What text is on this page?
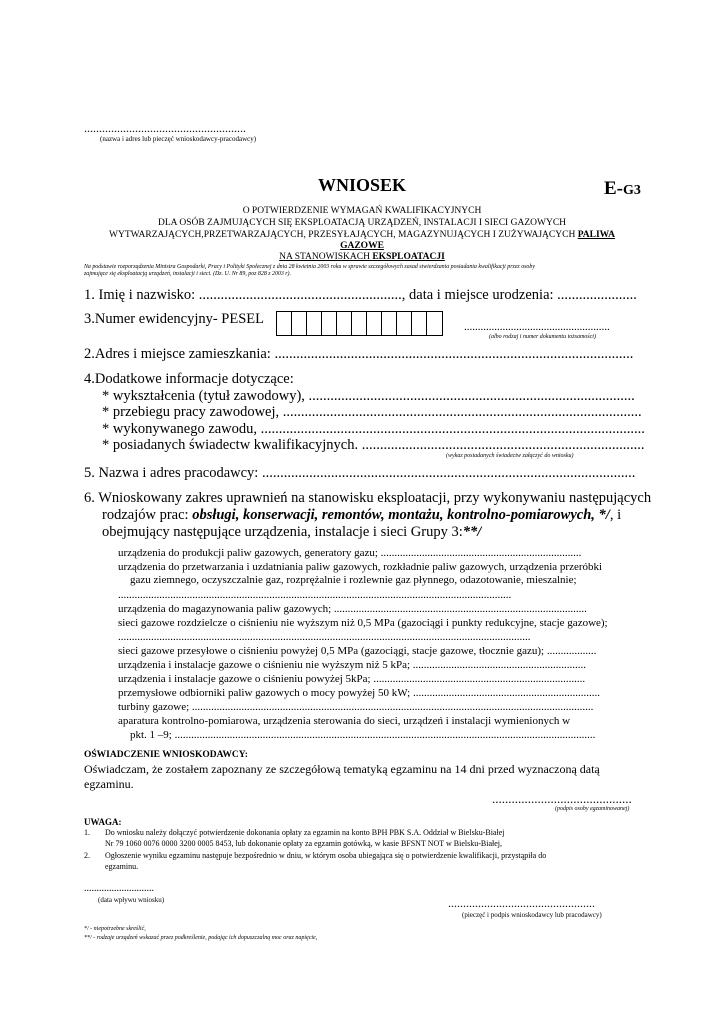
......................................................
(nazwa i adres lub pieczęć wnioskodawcy-pracodawcy)
E-G3
WNIOSEK
O POTWIERDZENIE WYMAGAŃ KWALIFIKACYJNYCH
DLA OSÓB ZAJMUJĄCYCH SIĘ EKSPLOATACJĄ URZĄDZEŃ, INSTALACJI I SIECI GAZOWYCH
WYTWARZAJĄCYCH,PRZETWARZAJĄCYCH, PRZESYŁAJĄCYCH, MAGAZYNUJĄCYCH I ZUŻYWAJĄCYCH PALIWA
GAZOWE
NA STANOWISKACH EKSPLOATACJI
Na podstawie rozporządzenia Ministra Gospodarki, Pracy i Polityki Społecznej z dnia 28 kwietnia 2003 roku w sprawie szczegółowych zasad stwierdzania posiadania kwalifikacji przez osoby
zajmujące się eksploatacją urządzeń, instalacji i sieci. (Dz. U. Nr 89, poz 828 z 2003 r).
1. Imię i nazwisko: ........................................................, data i miejsce urodzenia: ......................
3.Numer ewidencyjny- PESEL	.....................................................
(albo rodzaj i numer dokumentu tożsamości)
2.Adres i miejsce zamieszkania: ...................................................................................................
4.Dodatkowe informacje dotyczące:
* wykształcenia (tytuł zawodowy), ..........................................................................................
* przebiegu pracy zawodowej, ...................................................................................................
* wykonywanego zawodu, ..........................................................................................................
* posiadanych świadectw kwalifikacyjnych. ..............................................................................
(wykaz posiadanych świadectw załączyć do wniosku)
5. Nazwa i adres pracodawcy: .......................................................................................................
6. Wnioskowany zakres uprawnień na stanowisku eksploatacji, przy wykonywaniu następujących
rodzajów prac: obsługi, konserwacji, remontów, montażu, kontrolno-pomiarowych, */, i
obejmujący następujące urządzenia, instalacje i sieci Grupy 3:**/
urządzenia do produkcji paliw gazowych, generatory gazu; .........................................................................
urządzenia do przetwarzania i uzdatniania paliw gazowych, rozkładnie paliw gazowych, urządzenia przeróbki
gazu ziemnego, oczyszczalnie gaz, rozprężalnie i rozlewnie gaz płynnego, odazotowanie, mieszalnie;
...............................................................................................................................................
urządzenia do magazynowania paliw gazowych; ............................................................................................
sieci gazowe rozdzielcze o ciśnieniu nie wyższym niż 0,5 MPa (gazociągi i punkty redukcyjne, stacje gazowe);
......................................................................................................................................................
sieci gazowe przesyłowe o ciśnieniu powyżej 0,5 MPa (gazociągi, stacje gazowe, tłocznie gazu); ..................
urządzenia i instalacje gazowe o ciśnieniu nie wyższym niż 5 kPa; ...............................................................
urządzenia i instalacje gazowe o ciśnieniu powyżej 5kPa; .............................................................................
przemysłowe odbiorniki paliw gazowych o mocy powyżej 50 kW; ....................................................................
turbiny gazowe; ..................................................................................................................................................
aparatura kontrolno-pomiarowa, urządzenia sterowania do sieci, urządzeń i instalacji wymienionych w
pkt. 1 –9; .........................................................................................................................................................
OŚWIADCZENIE WNIOSKODAWCY:
Oświadczam, że zostałem zapoznany ze szczegółową tematyką egzaminu na 14 dni przed wyznaczoną datą
egzaminu.
...........................................
(podpis osoby egzaminowanej)
UWAGA:
1. Do wniosku należy dołączyć potwierdzenie dokonania opłaty za egzamin na konto BPH PBK S.A. Oddział w Bielsku-Białej
Nr 79 1060 0076 0000 3200 0005 8453, lub dokonanie opłaty za egzamin gotówką, w kasie BFSNT NOT w Bielsku-Białej,
2. Ogłoszenie wyniku egzaminu następuje bezpośrednio w dniu, w którym osoba ubiegająca się o potwierdzenie kwalifikacji, przystąpiła do
egzaminu.
............................
(data wpływu wniosku)	.................................................
(pieczęć i podpis wnioskodawcy lub pracodawcy)
*/ - niepotrzebne skreślić,
**/ - rodzaje urządzeń wskazać przez podkreślenie, podając ich dopuszczalną moc oraz napięcie,
